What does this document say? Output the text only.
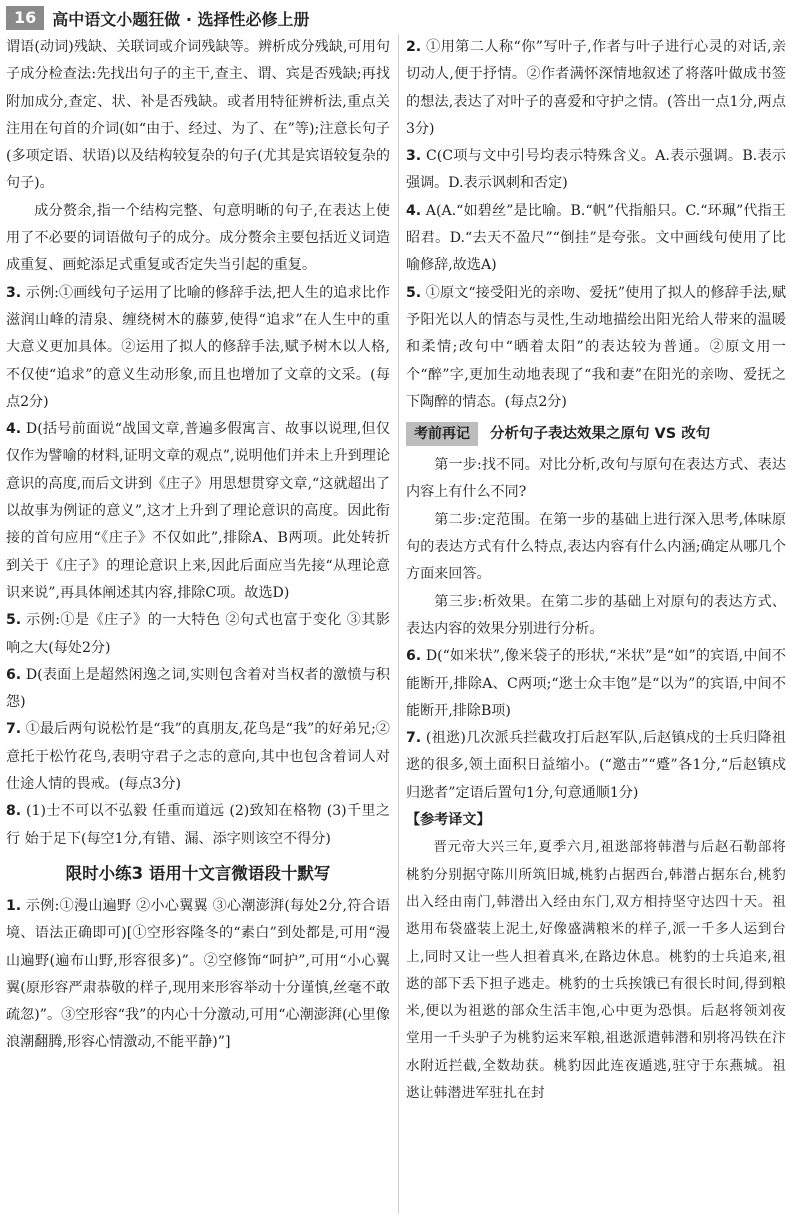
16	高中语文小题狂做 · 选择性必修上册

谓语(动词)残缺、关联词或介词残缺等。辨析成分残缺,可用句子成分检查法:先找出句子的主干,查主、谓、宾是否残缺;再找附加成分,查定、状、补是否残缺。或者用特征辨析法,重点关注用在句首的介词(如“由于、经过、为了、在”等);注意长句子(多项定语、状语)以及结构较复杂的句子(尤其是宾语较复杂的句子)。

成分赘余,指一个结构完整、句意明晰的句子,在表达上使用了不必要的词语做句子的成分。成分赘余主要包括近义词造成重复、画蛇添足式重复或否定失当引起的重复。

3. 示例:①画线句子运用了比喻的修辞手法,把人生的追求比作滋润山峰的清泉、缠绕树木的藤萝,使得“追求”在人生中的重大意义更加具体。②运用了拟人的修辞手法,赋予树木以人格,不仅使“追求”的意义生动形象,而且也增加了文章的文采。(每点2分)

4. D(括号前面说“战国文章,普遍多假寓言、故事以说理,但仅仅作为譬喻的材料,证明文章的观点”,说明他们并未上升到理论意识的高度,而后文讲到《庄子》用思想贯穿文章,“这就超出了以故事为例证的意义”,这才上升到了理论意识的高度。因此衔接的首句应用“《庄子》不仅如此”,排除A、B两项。此处转折到关于《庄子》的理论意识上来,因此后面应当先接“从理论意识来说”,再具体阐述其内容,排除C项。故选D)

5. 示例:①是《庄子》的一大特色 ②句式也富于变化 ③其影响之大(每处2分)

6. D(表面上是超然闲逸之词,实则包含着对当权者的激愤与积怨)

7. ①最后两句说松竹是“我”的真朋友,花鸟是“我”的好弟兄;②意托于松竹花鸟,表明守君子之志的意向,其中也包含着词人对仕途人情的畏戒。(每点3分)

8. (1)士不可以不弘毅 任重而道远 (2)致知在格物 (3)千里之行 始于足下(每空1分,有错、漏、添字则该空不得分)

限时小练3 语用十文言微语段十默写

1. 示例:①漫山遍野 ②小心翼翼 ③心潮澎湃(每处2分,符合语境、语法正确即可)[①空形容隆冬的“素白”到处都是,可用“漫山遍野(遍布山野,形容很多)”。②空修饰“呵护”,可用“小心翼翼(原形容严肃恭敬的样子,现用来形容举动十分谨慎,丝毫不敢疏忽)”。③空形容“我”的内心十分激动,可用“心潮澎湃(心里像浪潮翻腾,形容心情激动,不能平静)”]

2. ①用第二人称“你”写叶子,作者与叶子进行心灵的对话,亲切动人,便于抒情。②作者满怀深情地叙述了将落叶做成书签的想法,表达了对叶子的喜爱和守护之情。(答出一点1分,两点3分)

3. C(C项与文中引号均表示特殊含义。A.表示强调。B.表示强调。D.表示讽刺和否定)

4. A(A.“如碧丝”是比喻。B.“帆”代指船只。C.“环珮”代指王昭君。D.“去天不盈尺”“倒挂”是夸张。文中画线句使用了比喻修辞,故选A)

5. ①原文“接受阳光的亲吻、爱抚”使用了拟人的修辞手法,赋予阳光以人的情态与灵性,生动地描绘出阳光给人带来的温暖和柔情;改句中“晒着太阳”的表达较为普通。②原文用一个“醉”字,更加生动地表现了“我和妻”在阳光的亲吻、爱抚之下陶醉的情态。(每点2分)

考前再记	分析句子表达效果之原句 VS 改句

第一步:找不同。对比分析,改句与原句在表达方式、表达内容上有什么不同?

第二步:定范围。在第一步的基础上进行深入思考,体味原句的表达方式有什么特点,表达内容有什么内涵;确定从哪几个方面来回答。

第三步:析效果。在第二步的基础上对原句的表达方式、表达内容的效果分别进行分析。

6. D(“如米状”,像米袋子的形状,“米状”是“如”的宾语,中间不能断开,排除A、C两项;“逖士众丰饱”是“以为”的宾语,中间不能断开,排除B项)

7. (祖逖)几次派兵拦截攻打后赵军队,后赵镇戍的士兵归降祖逖的很多,领土面积日益缩小。(“邀击”“蹙”各1分,“后赵镇戍归逖者”定语后置句1分,句意通顺1分)

【参考译文】

晋元帝大兴三年,夏季六月,祖逖部将韩潜与后赵石勒部将桃豹分别据守陈川所筑旧城,桃豹占据西台,韩潜占据东台,桃豹出入经由南门,韩潜出入经由东门,双方相持坚守达四十天。祖逖用布袋盛装上泥土,好像盛满粮米的样子,派一千多人运到台上,同时又让一些人担着真米,在路边休息。桃豹的士兵追来,祖逖的部下丢下担子逃走。桃豹的士兵挨饿已有很长时间,得到粮米,便以为祖逖的部众生活丰饱,心中更为恐惧。后赵将领刘夜堂用一千头驴子为桃豹运来军粮,祖逖派遣韩潜和别将冯铁在汴水附近拦截,全数劫获。桃豹因此连夜遁逃,驻守于东燕城。祖逖让韩潜进军驻扎在封
